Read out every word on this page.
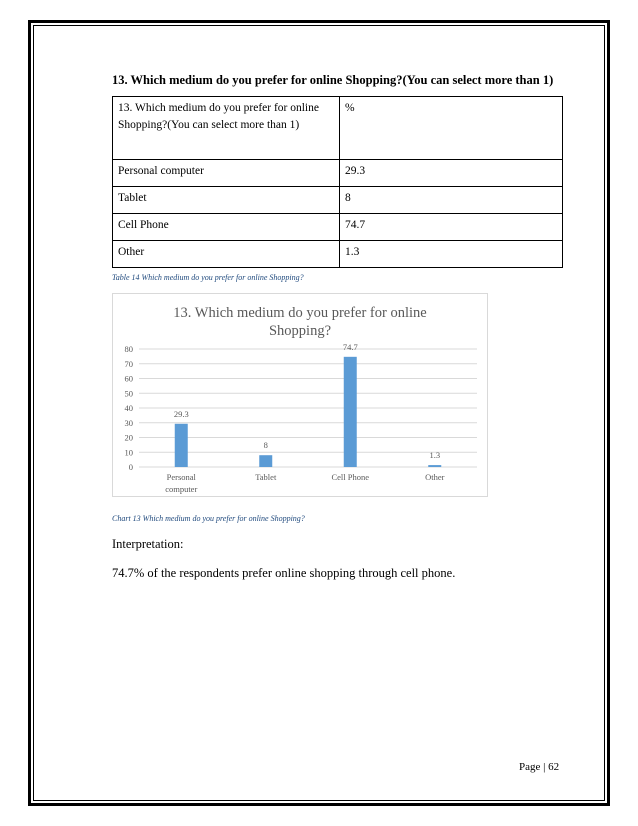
13. Which medium do you prefer for online Shopping?(You can select more than 1)
13. Which medium do you prefer for online Shopping?(You can select more than 1)	%
Personal computer	29.3
Tablet	8
Cell Phone	74.7
Other	1.3
Table 14 Which medium do you prefer for online Shopping?
13. Which medium do you prefer for online
Shopping?
0
10
20
30
40
50
60
70
80
29.3
Personal
computer
8
Tablet
74.7
Cell Phone
1.3
Other
Chart 13 Which medium do you prefer for online Shopping?
Interpretation:
74.7% of the respondents prefer online shopping through cell phone.
Page | 62
